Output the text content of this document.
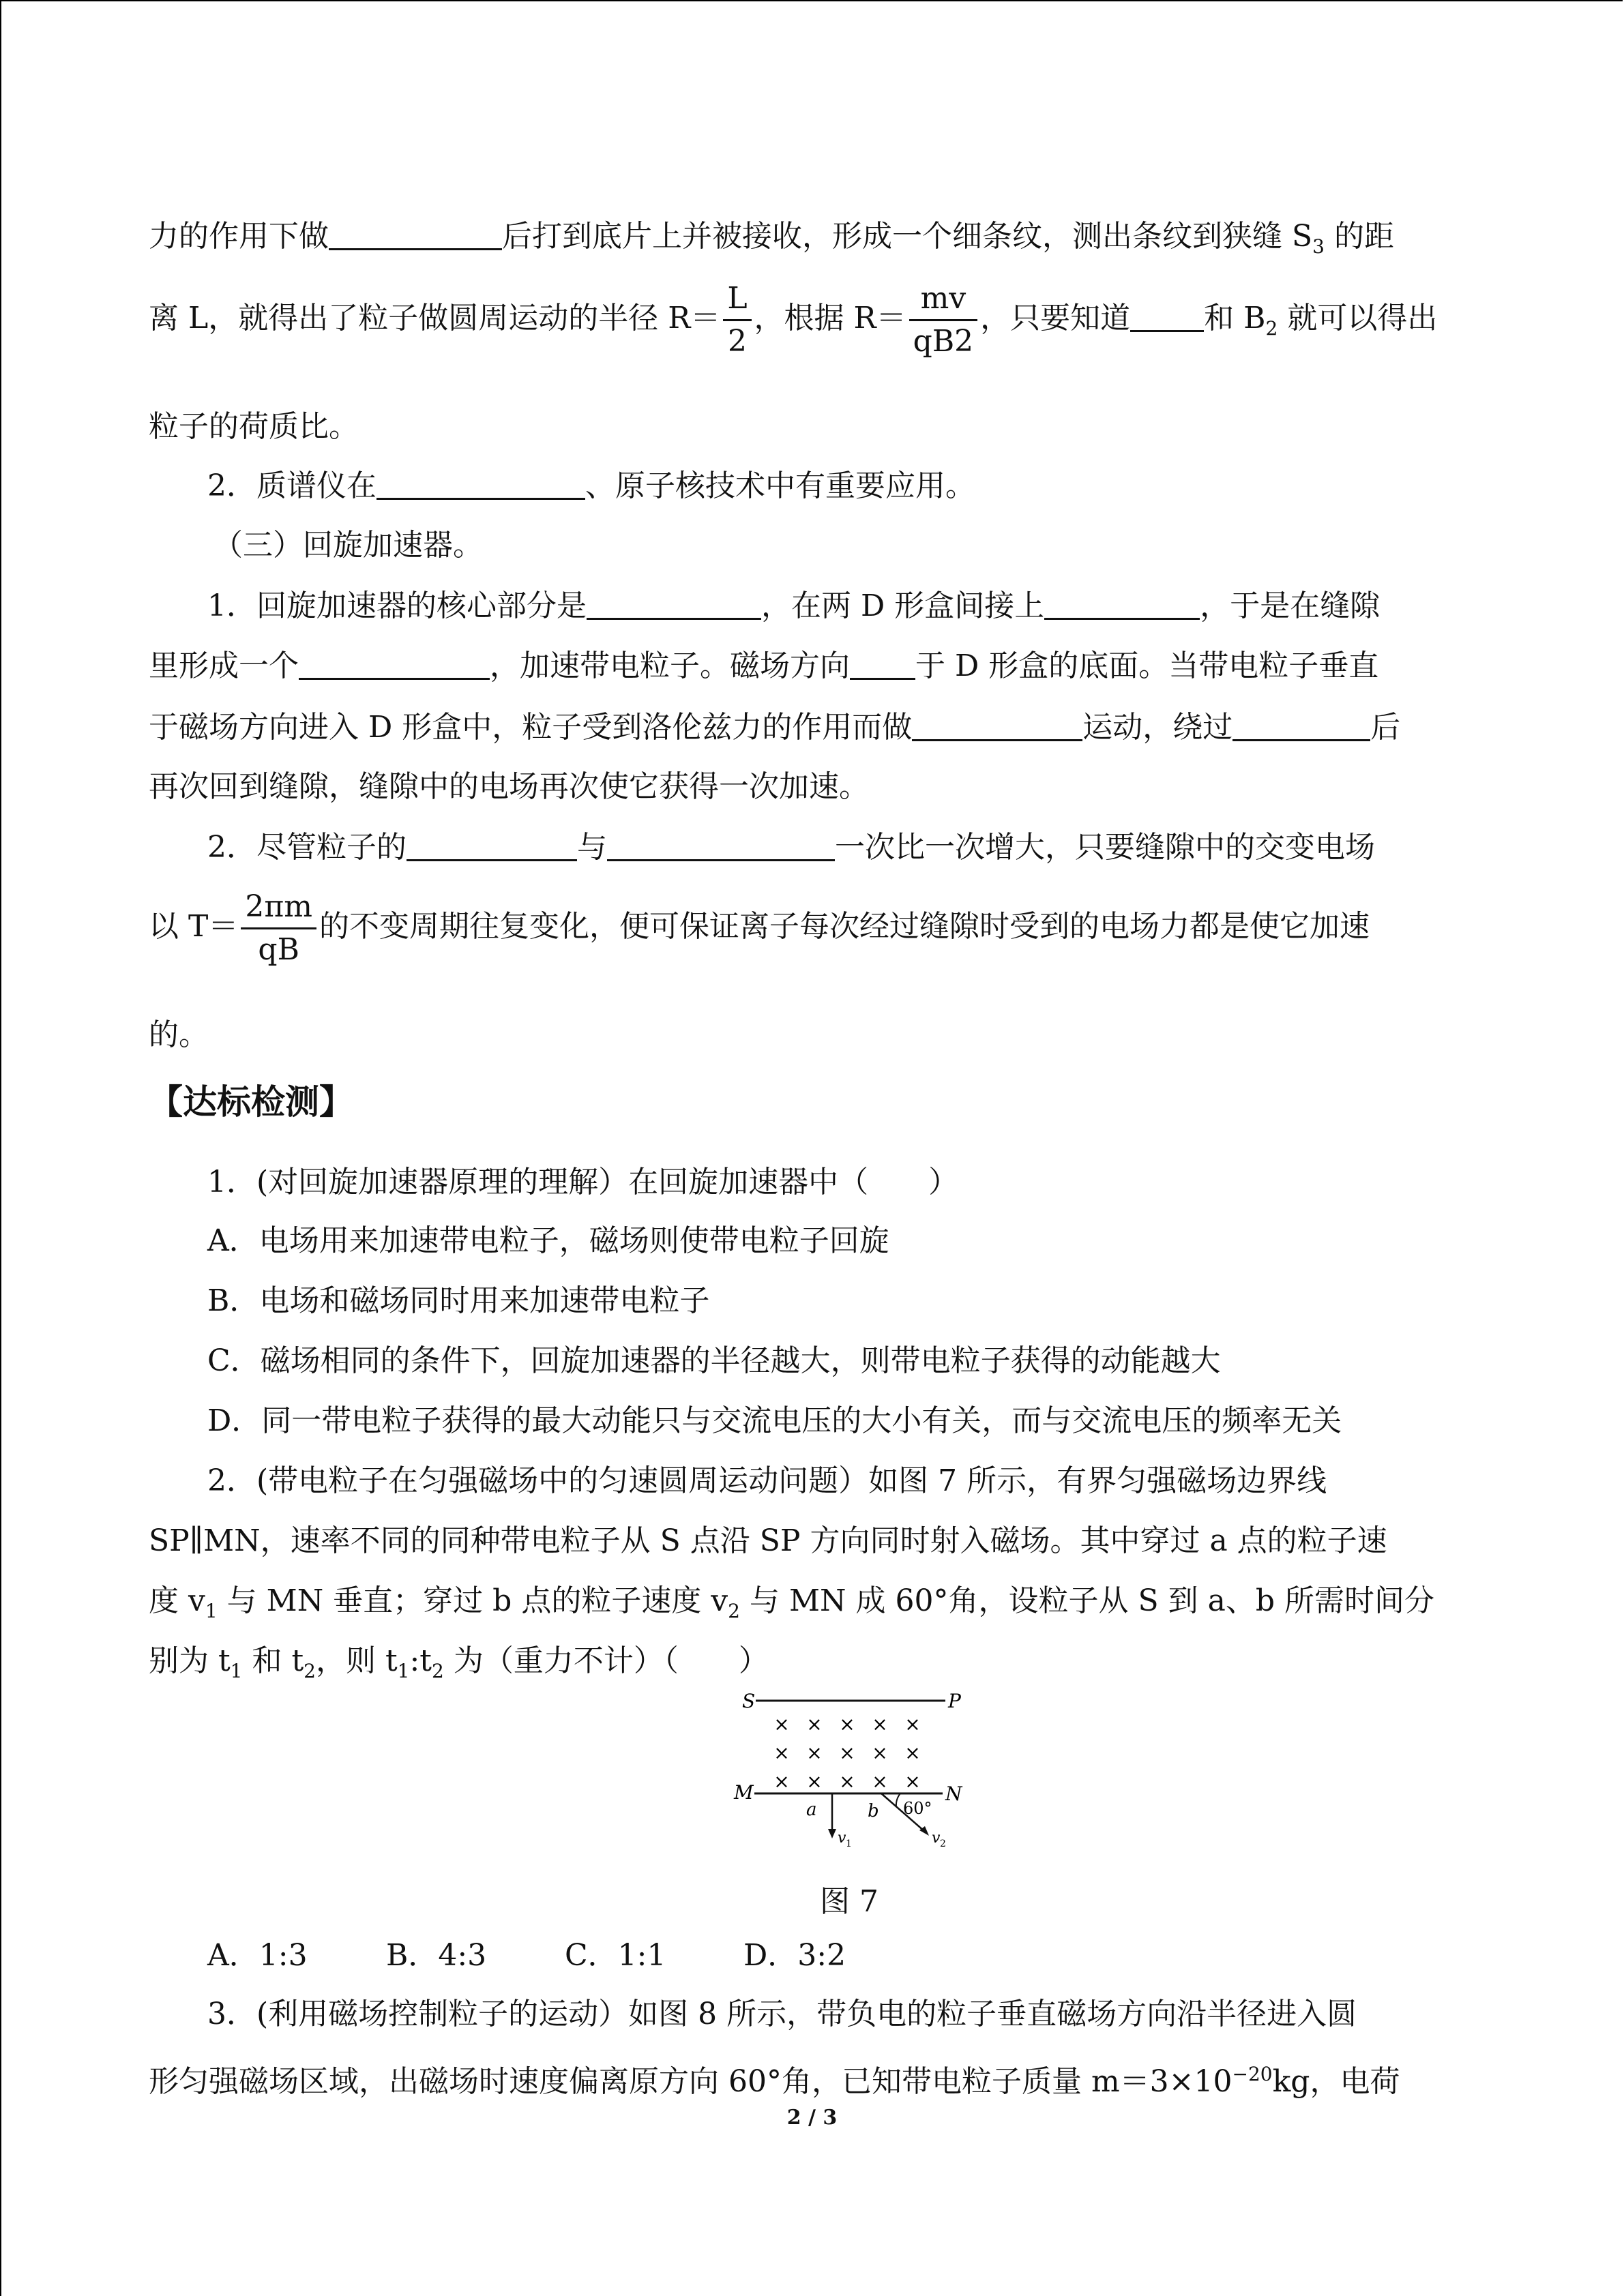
力的作用下做	后打到底片上并被接收，形成一个细条纹，测出条纹到狭缝 $S_3$ 的距
离 L，就得出了粒子做圆周运动的半径 $R= \frac{L}{2}$ ，根据 $R= \frac{mv}{qB2}$ ，只要知道 和 $B_2$ 就可以得出
粒子的荷质比。
2．质谱仪在	、原子核技术中有重要应用。
（三）回旋加速器。
1．回旋加速器的核心部分是	，在两 D 形盒间接上	，于是在缝隙
里形成一个	，加速带电粒子。磁场方向 于 D 形盒的底面。当带电粒子垂直
于磁场方向进入 D 形盒中，粒子受到洛伦兹力的作用而做	运动，绕过	后
再次回到缝隙，缝隙中的电场再次使它获得一次加速。
2．尽管粒子的	与	一次比一次增大，只要缝隙中的交变电场
以 $T= \frac{2\pi m}{qB}$ 的不变周期往复变化，便可保证离子每次经过缝隙时受到的电场力都是使它加速
的。
【达标检测】
1．(对回旋加速器原理的理解）在回旋加速器中（　　）
A．电场用来加速带电粒子，磁场则使带电粒子回旋
B．电场和磁场同时用来加速带电粒子
C．磁场相同的条件下，回旋加速器的半径越大，则带电粒子获得的动能越大
D．同一带电粒子获得的最大动能只与交流电压的大小有关，而与交流电压的频率无关
2．(带电粒子在匀强磁场中的匀速圆周运动问题）如图 7 所示，有界匀强磁场边界线
SP∥MN，速率不同的同种带电粒子从 S 点沿 SP 方向同时射入磁场。其中穿过 a 点的粒子速
度 $v_1$ 与 MN 垂直；穿过 b 点的粒子速度 $v_2$ 与 MN 成 60°角，设粒子从 S 到 a、b 所需时间分
别为 $t_1$ 和 $t_2$，则 $t_1:t_2$ 为（重力不计）（　　）
S	P
× × × × ×
× × × × ×
× × × × ×
M	N
a
v 1
b 60°
v 2
图 7
A．1:3	B．4:3	C．1:1	D．3:2
3．(利用磁场控制粒子的运动）如图 8 所示，带负电的粒子垂直磁场方向沿半径进入圆
形匀强磁场区域，出磁场时速度偏离原方向 60°角，已知带电粒子质量 $m=3\times 10^{-20}kg$，电荷
2 / 3
